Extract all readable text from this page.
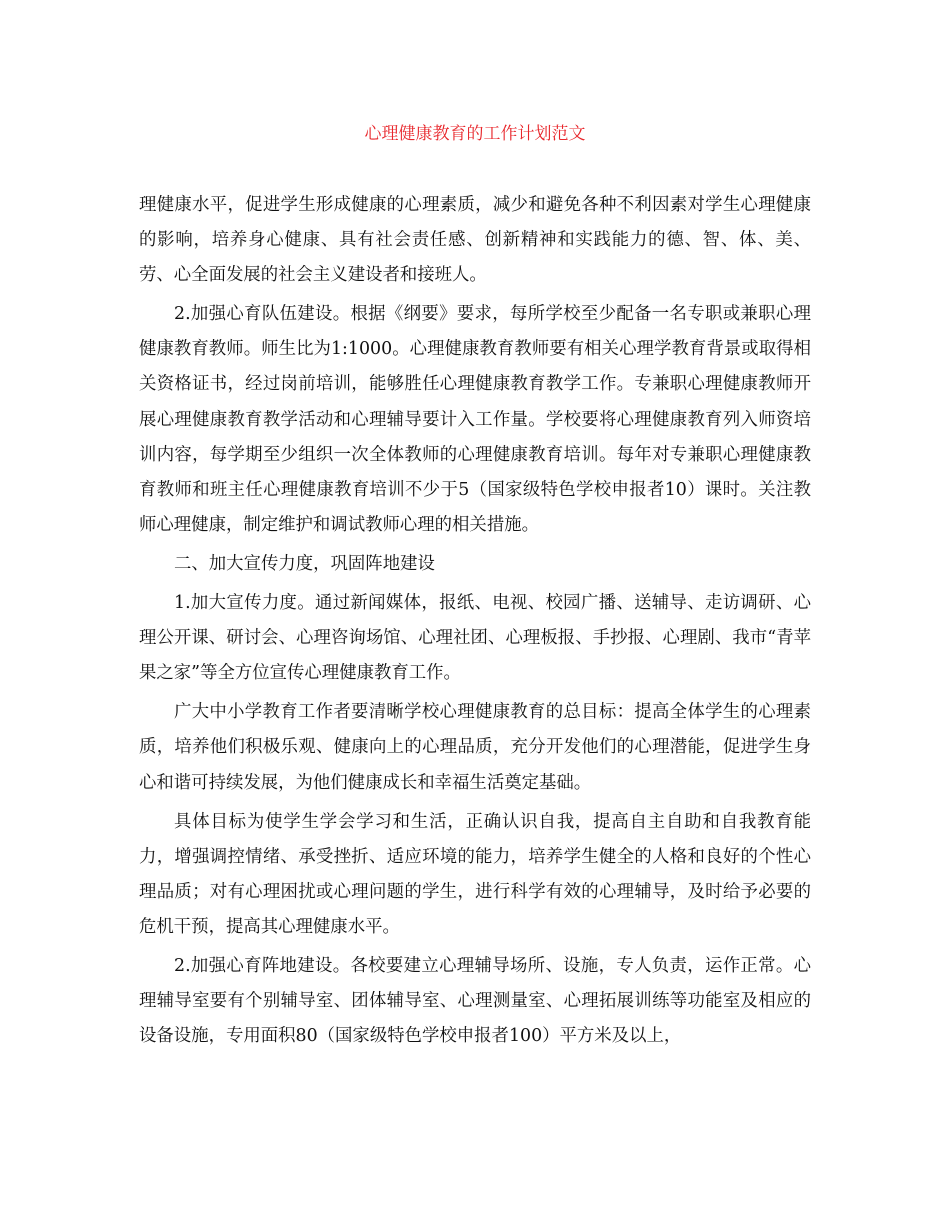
心理健康教育的工作计划范文

理健康水平，促进学生形成健康的心理素质，减少和避免各种不利因素对学生心理健康的影响，培养身心健康、具有社会责任感、创新精神和实践能力的德、智、体、美、劳、心全面发展的社会主义建设者和接班人。

2.加强心育队伍建设。根据《纲要》要求，每所学校至少配备一名专职或兼职心理健康教育教师。师生比为1:1000。心理健康教育教师要有相关心理学教育背景或取得相关资格证书，经过岗前培训，能够胜任心理健康教育教学工作。专兼职心理健康教师开展心理健康教育教学活动和心理辅导要计入工作量。学校要将心理健康教育列入师资培训内容，每学期至少组织一次全体教师的心理健康教育培训。每年对专兼职心理健康教育教师和班主任心理健康教育培训不少于5（国家级特色学校申报者10）课时。关注教师心理健康，制定维护和调试教师心理的相关措施。

二、加大宣传力度，巩固阵地建设

1.加大宣传力度。通过新闻媒体，报纸、电视、校园广播、送辅导、走访调研、心理公开课、研讨会、心理咨询场馆、心理社团、心理板报、手抄报、心理剧、我市“青苹果之家”等全方位宣传心理健康教育工作。

广大中小学教育工作者要清晰学校心理健康教育的总目标：提高全体学生的心理素质，培养他们积极乐观、健康向上的心理品质，充分开发他们的心理潜能，促进学生身心和谐可持续发展，为他们健康成长和幸福生活奠定基础。

具体目标为使学生学会学习和生活，正确认识自我，提高自主自助和自我教育能力，增强调控情绪、承受挫折、适应环境的能力，培养学生健全的人格和良好的个性心理品质；对有心理困扰或心理问题的学生，进行科学有效的心理辅导，及时给予必要的危机干预，提高其心理健康水平。

2.加强心育阵地建设。各校要建立心理辅导场所、设施，专人负责，运作正常。心理辅导室要有个别辅导室、团体辅导室、心理测量室、心理拓展训练等功能室及相应的设备设施，专用面积80（国家级特色学校申报者100）平方米及以上，
